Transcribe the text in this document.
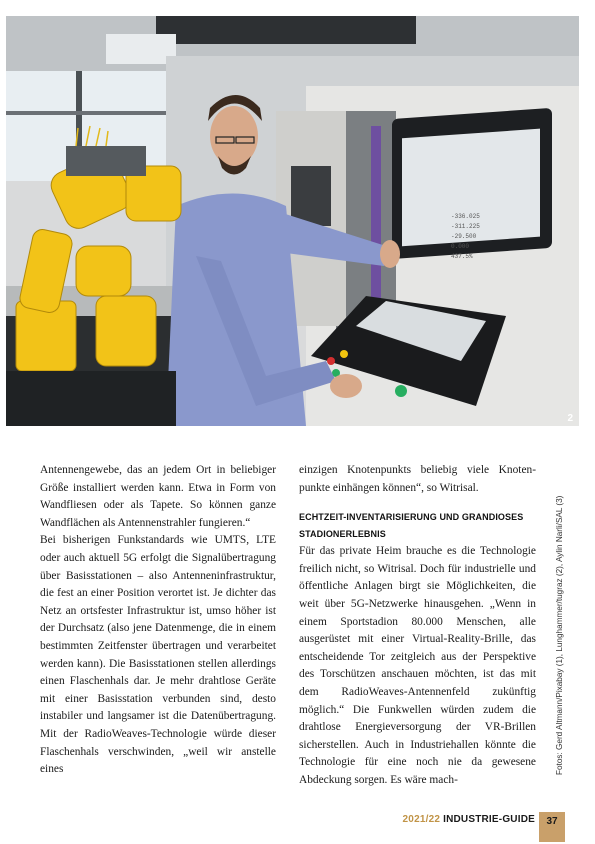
-336.025
-311.225
-29.500
0.000
437.5%
2

Antennengewebe, das an jedem Ort in beliebiger Größe installiert werden kann. Etwa in Form von Wandfliesen oder als Tapete. So können ganze Wandflächen als Antennenstrahler fungieren.“

Bei bisherigen Funkstandards wie UMTS, LTE oder auch aktuell 5G erfolgt die Signalübertragung über Basisstationen – also Antenneninfrastruktur, die fest an einer Position verortet ist. Je dichter das Netz an ortsfester Infrastruktur ist, umso höher ist der Durchsatz (also jene Datenmenge, die in einem bestimmten Zeitfenster übertragen und verarbeitet werden kann). Die Basisstationen stellen allerdings einen Flaschenhals dar. Je mehr drahtlose Geräte mit einer Basisstation verbunden sind, desto instabiler und langsamer ist die Datenübertragung. Mit der RadioWeaves-Technologie würde dieser Flaschenhals verschwinden, „weil wir anstelle eines

einzigen Knotenpunkts beliebig viele Knotenpunkte einhängen können“, so Witrisal.

ECHTZEIT-INVENTARISIERUNG UND GRANDIOSES STADIONERLEBNIS

Für das private Heim brauche es die Technologie freilich nicht, so Witrisal. Doch für industrielle und öffentliche Anlagen birgt sie Möglichkeiten, die weit über 5G-Netzwerke hinausgehen. „Wenn in einem Sportstadion 80.000 Menschen, alle ausgerüstet mit einer Virtual-Reality-Brille, das entscheidende Tor zeitgleich aus der Perspektive des Torschützen anschauen möchten, ist das mit dem RadioWeaves-Antennenfeld zukünftig möglich.“ Die Funkwellen würden zudem die drahtlose Energieversorgung der VR-Brillen sicherstellen. Auch in Industriehallen könnte die Technologie für eine noch nie da gewesene Abdeckung sorgen. Es wäre mach-

Fotos: Gerd Altmann/Pixabay (1), Lunghammer/tugraz (2), Aylin Narli/SAL (3)
2021/22 INDUSTRIE-GUIDE 37
